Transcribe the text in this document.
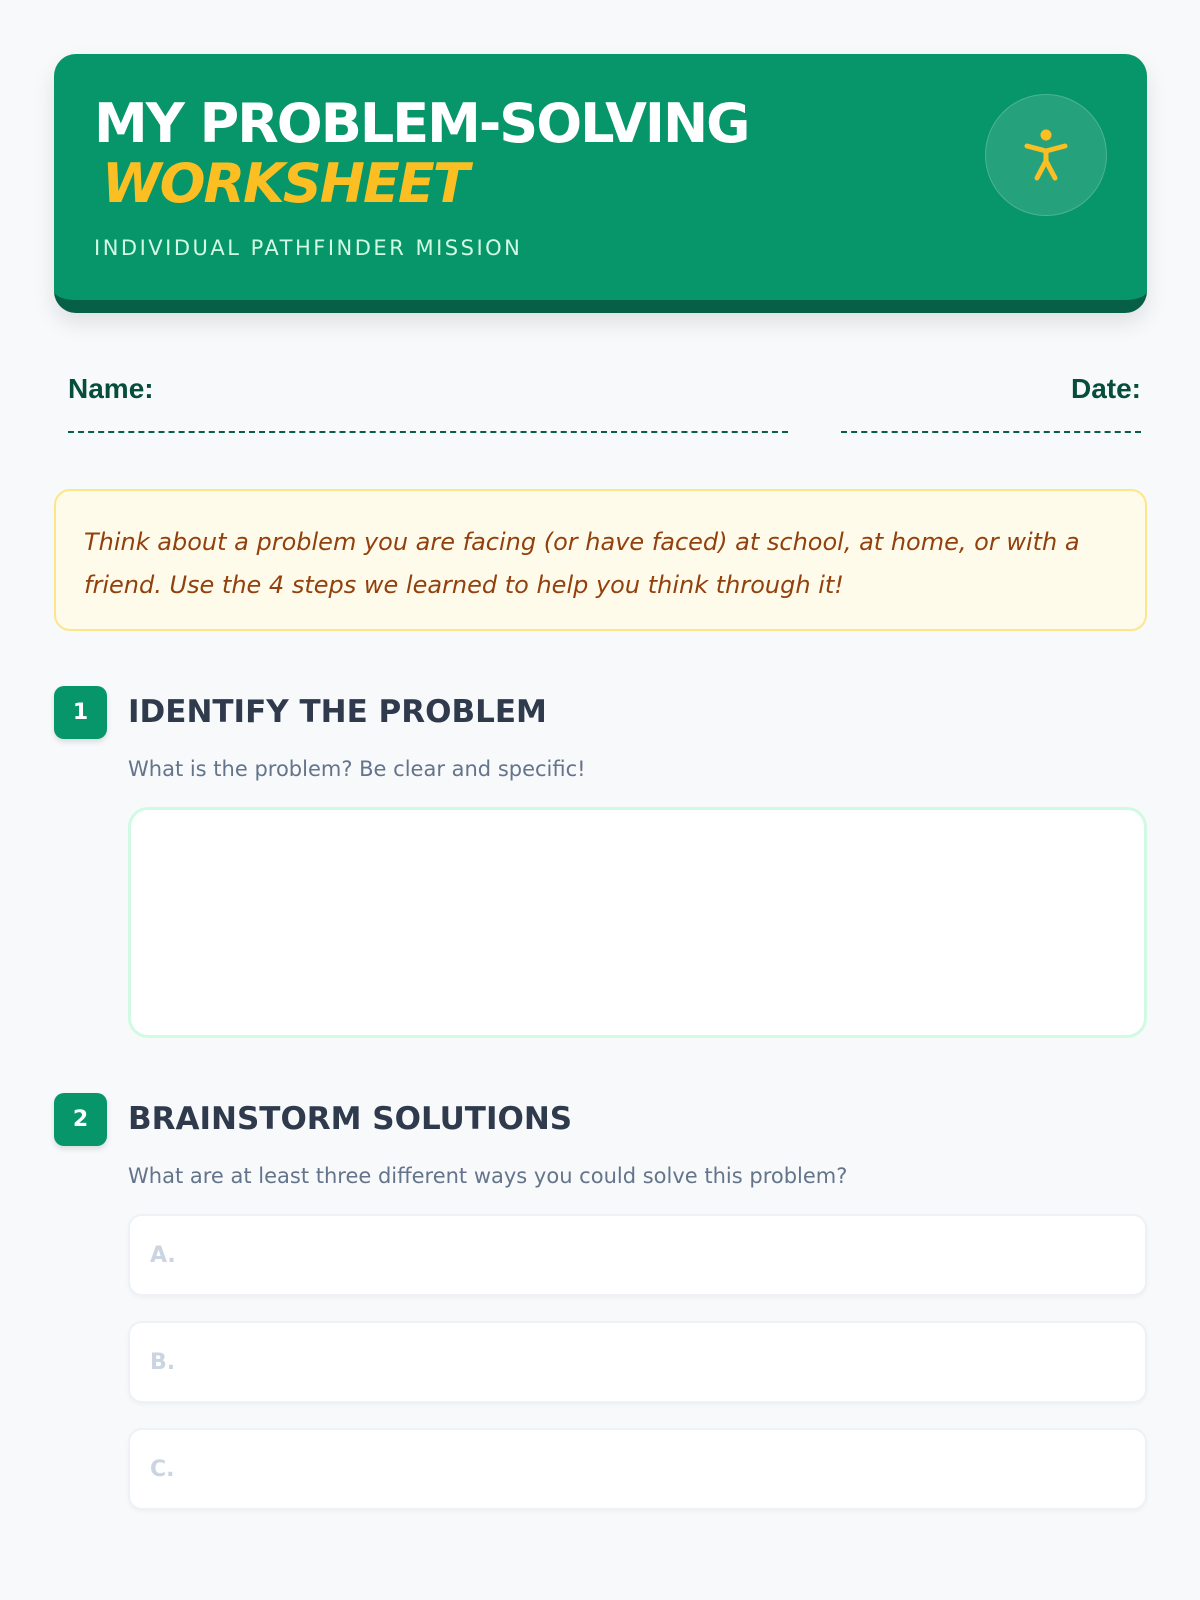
MY PROBLEM-SOLVING
WORKSHEET
INDIVIDUAL PATHFINDER MISSION
Name:	Date:
Think about a problem you are facing (or have faced) at school, at home, or with a friend. Use the 4 steps we learned to help you think through it!
1	IDENTIFY THE PROBLEM
What is the problem? Be clear and specific!
2	BRAINSTORM SOLUTIONS
What are at least three different ways you could solve this problem?
A.
B.
C.
